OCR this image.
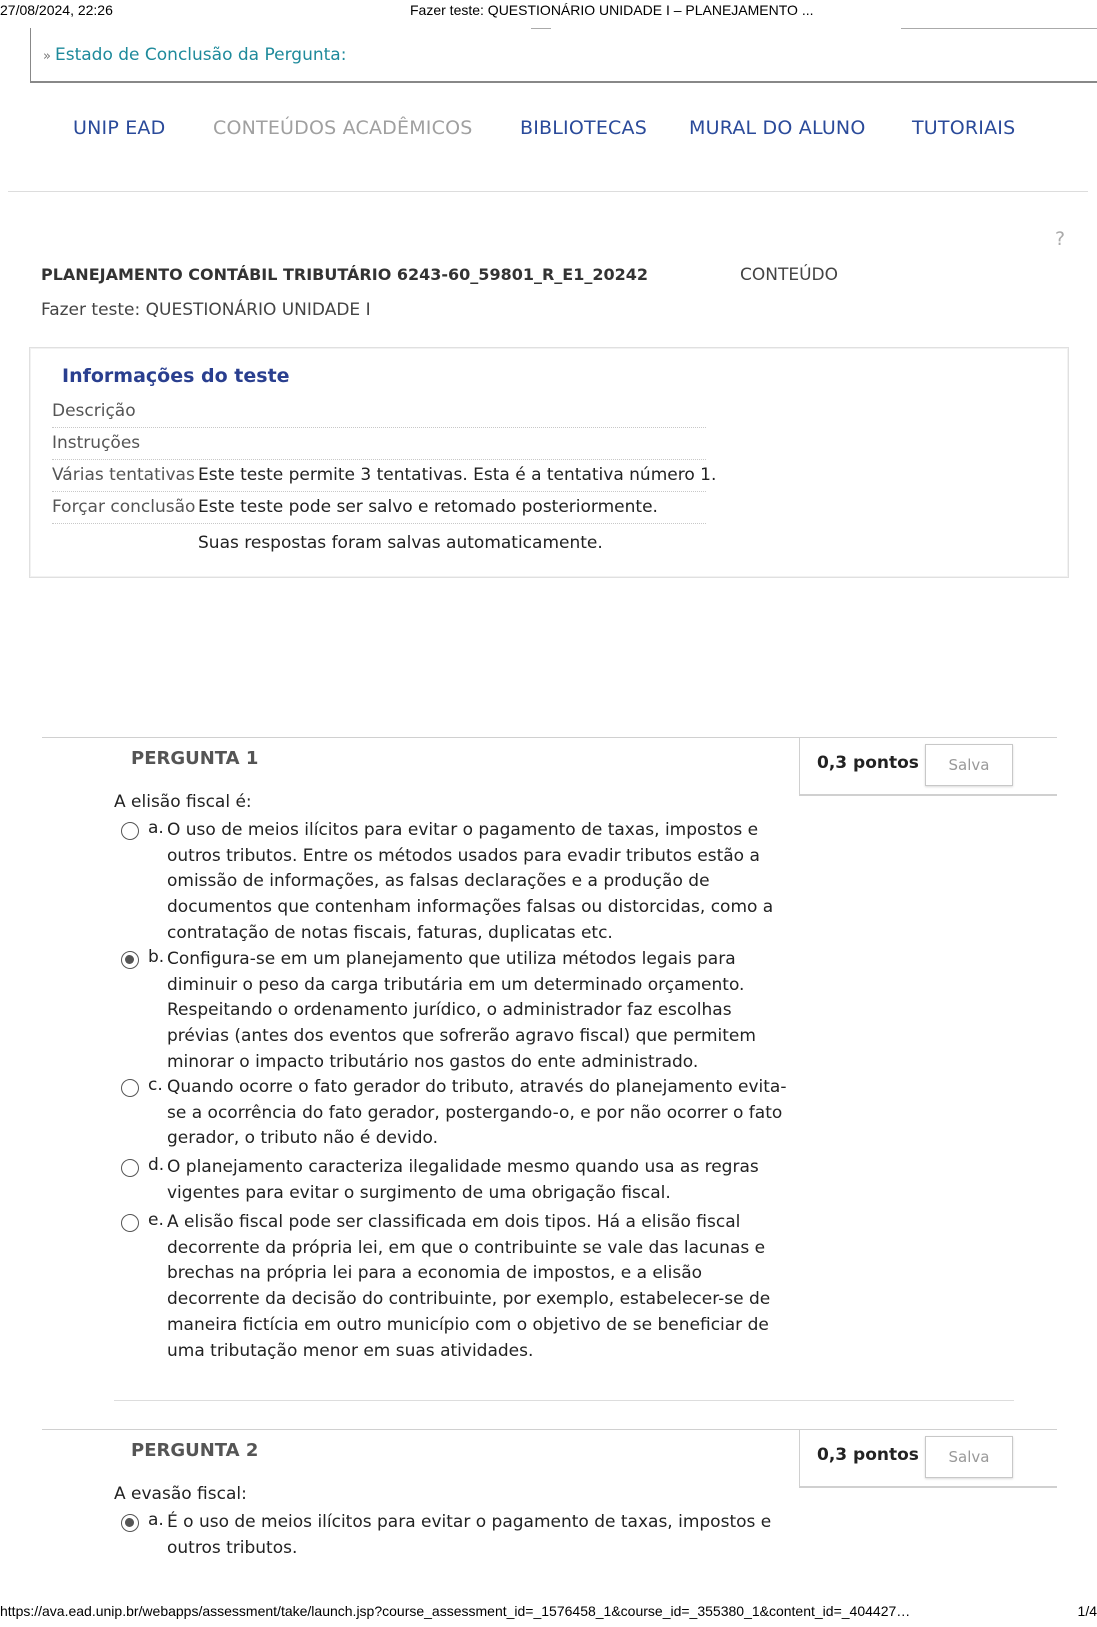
27/08/2024, 22:26	Fazer teste: QUESTIONÁRIO UNIDADE I – PLANEJAMENTO ...
» Estado de Conclusão da Pergunta:
UNIP EAD	CONTEÚDOS ACADÊMICOS	BIBLIOTECAS MURAL DO ALUNO TUTORIAIS
?
PLANEJAMENTO CONTÁBIL TRIBUTÁRIO 6243-60_59801_R_E1_20242	CONTEÚDO
Fazer teste: QUESTIONÁRIO UNIDADE I
Informações do teste
Descrição
Instruções
Várias tentativas Este teste permite 3 tentativas. Esta é a tentativa número 1.
Forçar conclusão Este teste pode ser salvo e retomado posteriormente.
Suas respostas foram salvas automaticamente.
PERGUNTA 1	0,3 pontos	Salva
A elisão fiscal é:
a. O uso de meios ilícitos para evitar o pagamento de taxas, impostos e outros tributos. Entre os métodos usados para evadir tributos estão a omissão de informações, as falsas declarações e a produção de documentos que contenham informações falsas ou distorcidas, como a contratação de notas fiscais, faturas, duplicatas etc.
b. Configura-se em um planejamento que utiliza métodos legais para diminuir o peso da carga tributária em um determinado orçamento. Respeitando o ordenamento jurídico, o administrador faz escolhas prévias (antes dos eventos que sofrerão agravo fiscal) que permitem minorar o impacto tributário nos gastos do ente administrado.
c. Quando ocorre o fato gerador do tributo, através do planejamento evita-se a ocorrência do fato gerador, postergando-o, e por não ocorrer o fato gerador, o tributo não é devido.
d. O planejamento caracteriza ilegalidade mesmo quando usa as regras vigentes para evitar o surgimento de uma obrigação fiscal.
e. A elisão fiscal pode ser classificada em dois tipos. Há a elisão fiscal decorrente da própria lei, em que o contribuinte se vale das lacunas e brechas na própria lei para a economia de impostos, e a elisão decorrente da decisão do contribuinte, por exemplo, estabelecer-se de maneira fictícia em outro município com o objetivo de se beneficiar de uma tributação menor em suas atividades.
PERGUNTA 2	0,3 pontos	Salva
A evasão fiscal:
a. É o uso de meios ilícitos para evitar o pagamento de taxas, impostos e outros tributos.
https://ava.ead.unip.br/webapps/assessment/take/launch.jsp?course_assessment_id=_1576458_1&course_id=_355380_1&content_id=_404427…	1/4
